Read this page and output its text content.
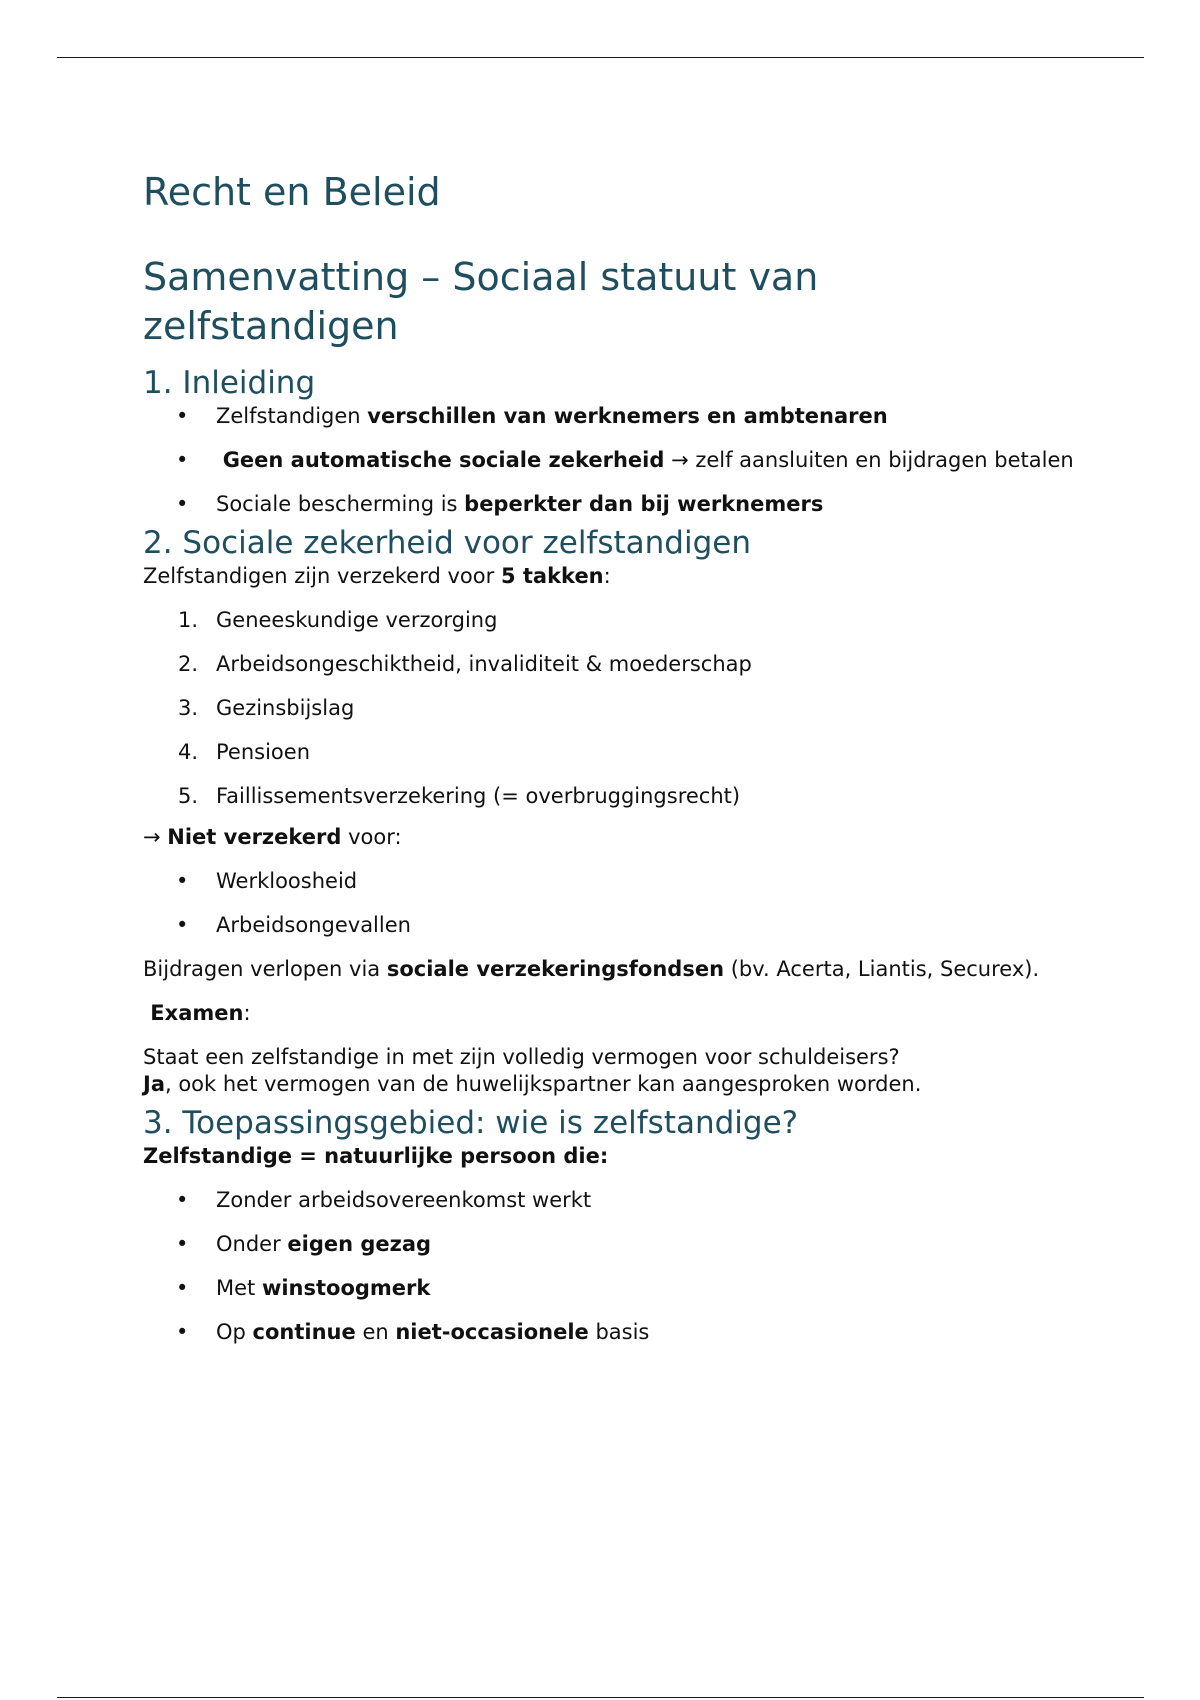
Recht en Beleid
Samenvatting – Sociaal statuut van zelfstandigen
1. Inleiding
•	Zelfstandigen verschillen van werknemers en ambtenaren
•	Geen automatische sociale zekerheid → zelf aansluiten en bijdragen betalen
•	Sociale bescherming is beperkter dan bij werknemers
2. Sociale zekerheid voor zelfstandigen

Zelfstandigen zijn verzekerd voor 5 takken:

1. Geneeskundige verzorging
2. Arbeidsongeschiktheid, invaliditeit & moederschap
3. Gezinsbijslag
4. Pensioen
5. Faillissementsverzekering (= overbruggingsrecht)

→ Niet verzekerd voor:

•	Werkloosheid
•	Arbeidsongevallen

Bijdragen verlopen via sociale verzekeringsfondsen (bv. Acerta, Liantis, Securex).

Examen:

Staat een zelfstandige in met zijn volledig vermogen voor schuldeisers?
Ja, ook het vermogen van de huwelijkspartner kan aangesproken worden.

3. Toepassingsgebied: wie is zelfstandige?

Zelfstandige = natuurlijke persoon die:

•	Zonder arbeidsovereenkomst werkt
•	Onder eigen gezag
•	Met winstoogmerk
•	Op continue en niet-occasionele basis
